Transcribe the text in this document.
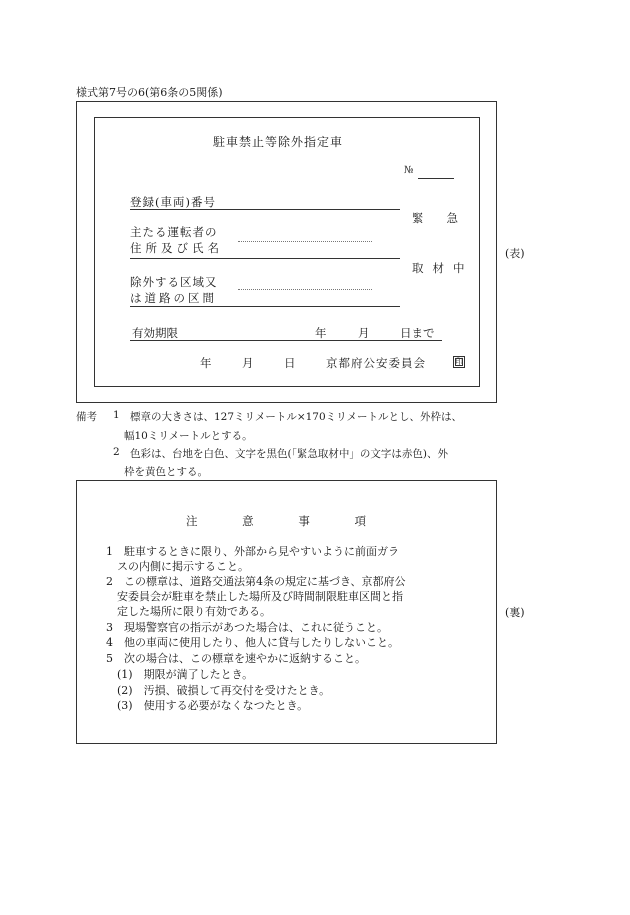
様式第7号の6(第6条の5関係)
駐車禁止等除外指定車
№
登録(車両)番号
主たる運転者の
住所及び氏名
緊　　急
取材中
除外する区域又
は道路の区間
有効期限	年	月	日まで
年	月	日	京都府公安委員会	印
(表)
備考 1 標章の大きさは、127ミリメートル×170ミリメートルとし、外枠は、
幅10ミリメートルとする。
2 色彩は、台地を白色、文字を黒色(「緊急取材中」の文字は赤色)、外
枠を黄色とする。
注	意	事	項
1　駐車するときに限り、外部から見やすいように前面ガラ
　スの内側に掲示すること。
2　この標章は、道路交通法第4条の規定に基づき、京都府公
　安委員会が駐車を禁止した場所及び時間制限駐車区間と指
　定した場所に限り有効である。
3　現場警察官の指示があつた場合は、これに従うこと。
4　他の車両に使用したり、他人に貸与したりしないこと。
5　次の場合は、この標章を速やかに返納すること。
　(1)　期限が満了したとき。
　(2)　汚損、破損して再交付を受けたとき。
　(3)　使用する必要がなくなつたとき。
(裏)
